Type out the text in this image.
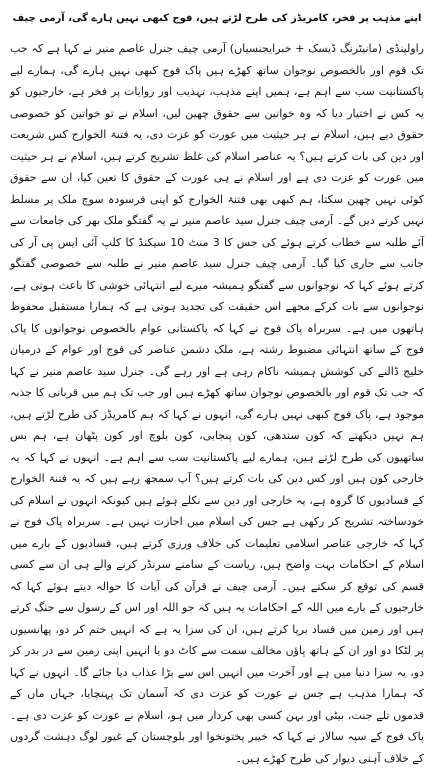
اپنے مذہب پر فخر، کامریڈز کی طرح لڑتے ہیں، فوج کبھی نہیں ہارے گی، آرمی چیف

راولپنڈی (مانیٹرنگ ڈیسک + خبرایجنسیاں) آرمی چیف جنرل عاصم منیر نے کہا ہے کہ جب تک قوم اور بالخصوص نوجوان ساتھ کھڑے ہیں پاک فوج کبھی نہیں ہارے گی، ہمارے لیے پاکستانیت سب سے اہم ہے، ہمیں اپنے مذہب، تہذیب اور روایات پر فخر ہے، خارجیوں کو یہ کس نے اختیار دیا کہ وہ خواتین سے حقوق چھین لیں، اسلام نے تو خواتین کو خصوصی حقوق دیے ہیں، اسلام نے ہر حیثیت میں عورت کو عزت دی، یہ فتنۃ الخوارج کس شریعت اور دین کی بات کرتے ہیں؟ یہ عناصر اسلام کی غلط تشریح کرتے ہیں، اسلام نے ہر حیثیت میں عورت کو عزت دی ہے اور اسلام نے ہی عورت کے حقوق کا تعین کیا، ان سے حقوق کوئی نہیں چھین سکتا، ہم کبھی بھی فتنۃ الخوارج کو اپنی فرسودہ سوچ ملک پر مسلط نہیں کرنے دیں گے۔ آرمی چیف جنرل سید عاصم منیر نے یہ گفتگو ملک بھر کی جامعات سے آئے طلبہ سے خطاب کرتے ہوئے کی جس کا 3 منٹ 10 سیکنڈ کا کلپ آئی ایس پی آر کی جانب سے جاری کیا گیا۔ آرمی چیف جنرل سید عاصم منیر نے طلبہ سے خصوصی گفتگو کرتے ہوئے کہا کہ نوجوانوں سے گفتگو ہمیشہ میرے لیے انتہائی خوشی کا باعث ہوتی ہے، نوجوانوں سے بات کرکے مجھے اس حقیقت کی تجدید ہوتی ہے کہ ہمارا مستقبل محفوظ ہاتھوں میں ہے۔ سربراہ پاک فوج نے کہا کہ پاکستانی عوام بالخصوص نوجوانوں کا پاک فوج کے ساتھ انتہائی مضبوط رشتہ ہے، ملک دشمن عناصر کی فوج اور عوام کے درمیان خلیج ڈالنے کی کوشش ہمیشہ ناکام رہی ہے اور رہے گی۔ جنرل سید عاصم منیر نے کہا کہ جب تک قوم اور بالخصوص نوجوان ساتھ کھڑے ہیں اور جب تک ہم میں قربانی کا جذبہ موجود ہے، پاک فوج کبھی نہیں ہارے گی، انہوں نے کہا کہ ہم کامریڈز کی طرح لڑتے ہیں، ہم نہیں دیکھتے کہ کون سندھی، کون پنجابی، کون بلوچ اور کون پٹھان ہے، ہم بس ساتھیوں کی طرح لڑتے ہیں، ہمارے لیے پاکستانیت سب سے اہم ہے۔ انہوں نے کہا کہ یہ خارجی کون ہیں اور کس دین کی بات کرتے ہیں؟ آپ سمجھ رہے ہیں کہ یہ فتنۃ الخوارج کے فسادیوں کا گروہ ہے، یہ خارجی اور دین سے نکلے ہوئے ہیں کیونکہ انہوں نے اسلام کی خودساختہ تشریح کر رکھی ہے جس کی اسلام میں اجازت نہیں ہے۔ سربراہ پاک فوج نے کہا کہ خارجی عناصر اسلامی تعلیمات کی خلاف ورزی کرتے ہیں، فسادیوں کے بارے میں اسلام کے احکامات بہت واضح ہیں، ریاست کے سامنے سرنڈر کرنے والے ہی ان سے کسی قسم کی توقع کر سکتے ہیں۔ آرمی چیف نے قرآن کی آیات کا حوالہ دیتے ہوئے کہا کہ خارجیوں کے بارے میں اللہ کے احکامات یہ ہیں کہ جو اللہ اور اس کے رسول سے جنگ کرتے ہیں اور زمین میں فساد برپا کرتے ہیں، ان کی سزا یہ ہے کہ انہیں ختم کر دو، پھانسیوں پر لٹکا دو اور ان کے ہاتھ پاؤں مخالف سمت سے کاٹ دو یا انہیں اپنی زمین سے در بدر کر دو، یہ سزا دنیا میں ہے اور آخرت میں انہیں اس سے بڑا عذاب دیا جائے گا۔ انہوں نے کہا کہ ہمارا مذہب ہے جس نے عورت کو عزت دی کہ آسمان تک پہنچایا، جہاں ماں کے قدموں تلے جنت، بیٹی اور بہن کسی بھی کردار میں ہو، اسلام نے عورت کو عزت دی ہے۔ پاک فوج کے سپہ سالار نے کہا کہ خیبر پختونخوا اور بلوچستان کے غیور لوگ دہشت گردوں کے خلاف آہنی دیوار کی طرح کھڑے ہیں۔
